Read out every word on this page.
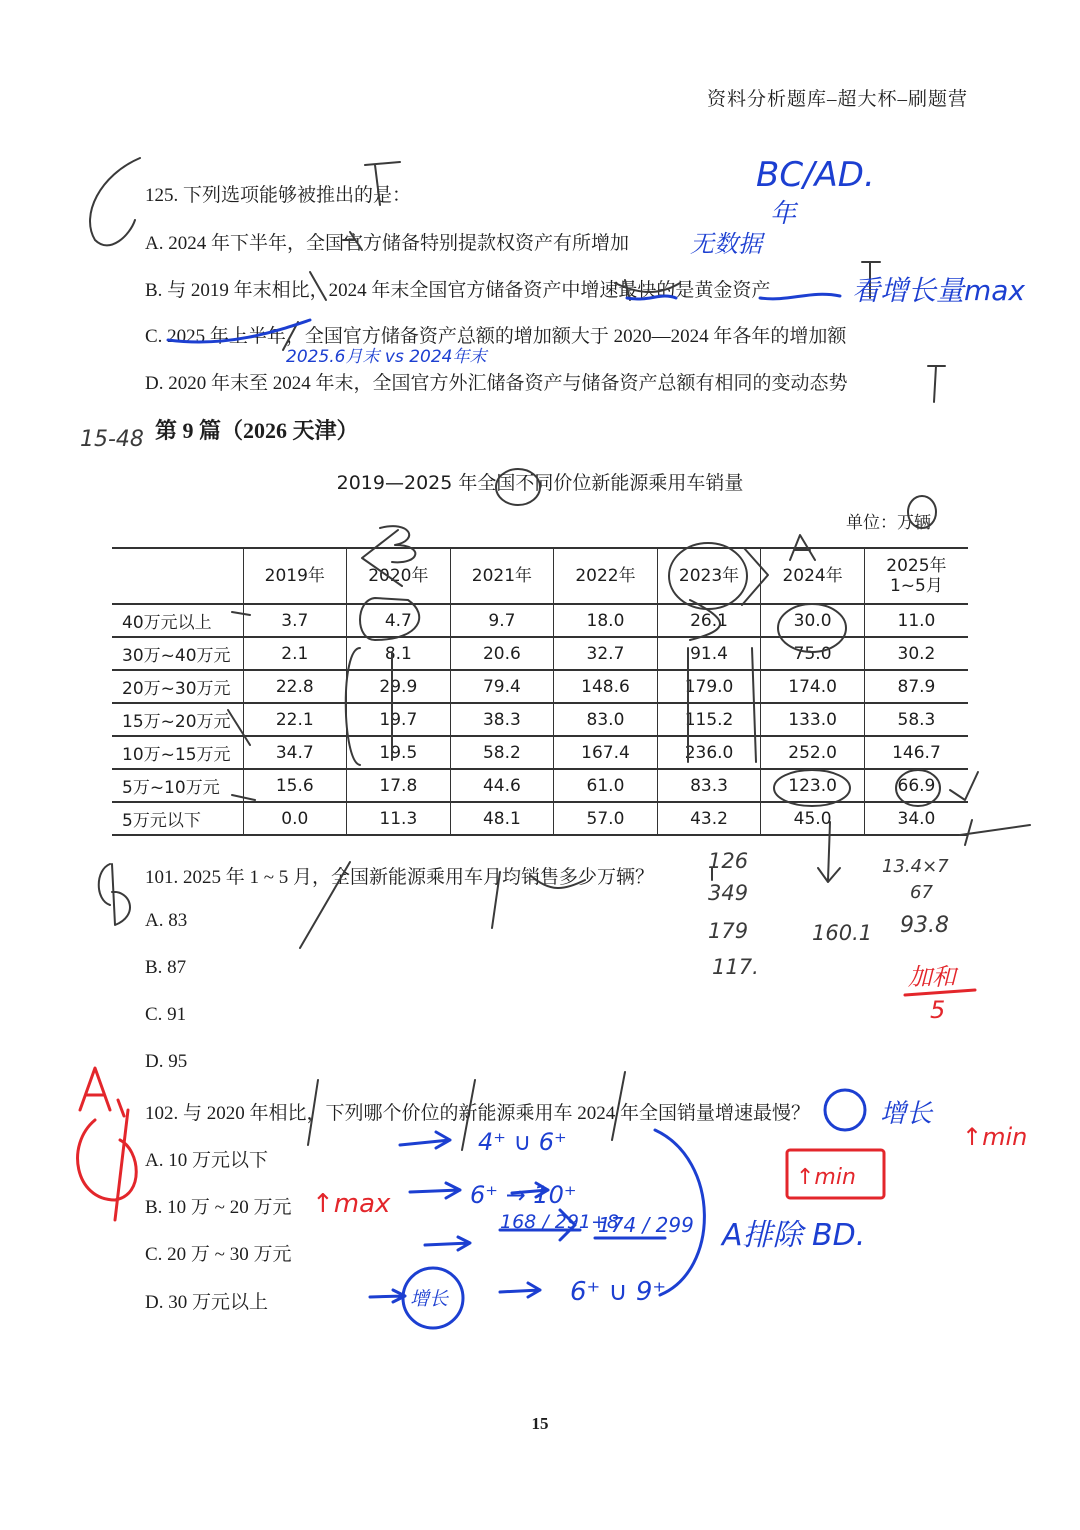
资料分析题库–超大杯–刷题营
125. 下列选项能够被推出的是：
A. 2024 年下半年，全国官方储备特别提款权资产有所增加
B. 与 2019 年末相比，2024 年末全国官方储备资产中增速最快的是黄金资产
C. 2025 年上半年，全国官方储备资产总额的增加额大于 2020—2024 年各年的增加额
D. 2020 年末至 2024 年末，全国官方外汇储备资产与储备资产总额有相同的变动态势
第 9 篇（2026 天津）
2019—2025 年全国不同价位新能源乘用车销量
单位：万辆
	2019年	2020年	2021年	2022年	2023年	2024年	2025年
1~5月
40万元以上	3.7	4.7	9.7	18.0	26.1	30.0	11.0
30万~40万元	2.1	8.1	20.6	32.7	91.4	75.0	30.2
20万~30万元	22.8	29.9	79.4	148.6	179.0	174.0	87.9
15万~20万元	22.1	19.7	38.3	83.0	115.2	133.0	58.3
10万~15万元	34.7	19.5	58.2	167.4	236.0	252.0	146.7
5万~10万元	15.6	17.8	44.6	61.0	83.3	123.0	66.9
5万元以下	0.0	11.3	48.1	57.0	43.2	45.0	34.0
101. 2025 年 1 ~ 5 月，全国新能源乘用车月均销售多少万辆？
A. 83
B. 87
C. 91
D. 95
102. 与 2020 年相比，下列哪个价位的新能源乘用车 2024 年全国销量增速最慢？
A. 10 万元以下
B. 10 万 ~ 20 万元
C. 20 万 ~ 30 万元
D. 30 万元以上
15
BC/AD.
年
无数据
看增长量max
2025.6月末 vs 2024年末
15-48
126
349
179
117.
160.1 93.8
13.4×7
67
加和
5
↑max
↑min
↑min
4⁺ ∪ 6⁺
6⁺ → 10⁺
168 / 291+8
174 / 299
6⁺ ∪ 9⁺
增长
增长
A排除 BD.
